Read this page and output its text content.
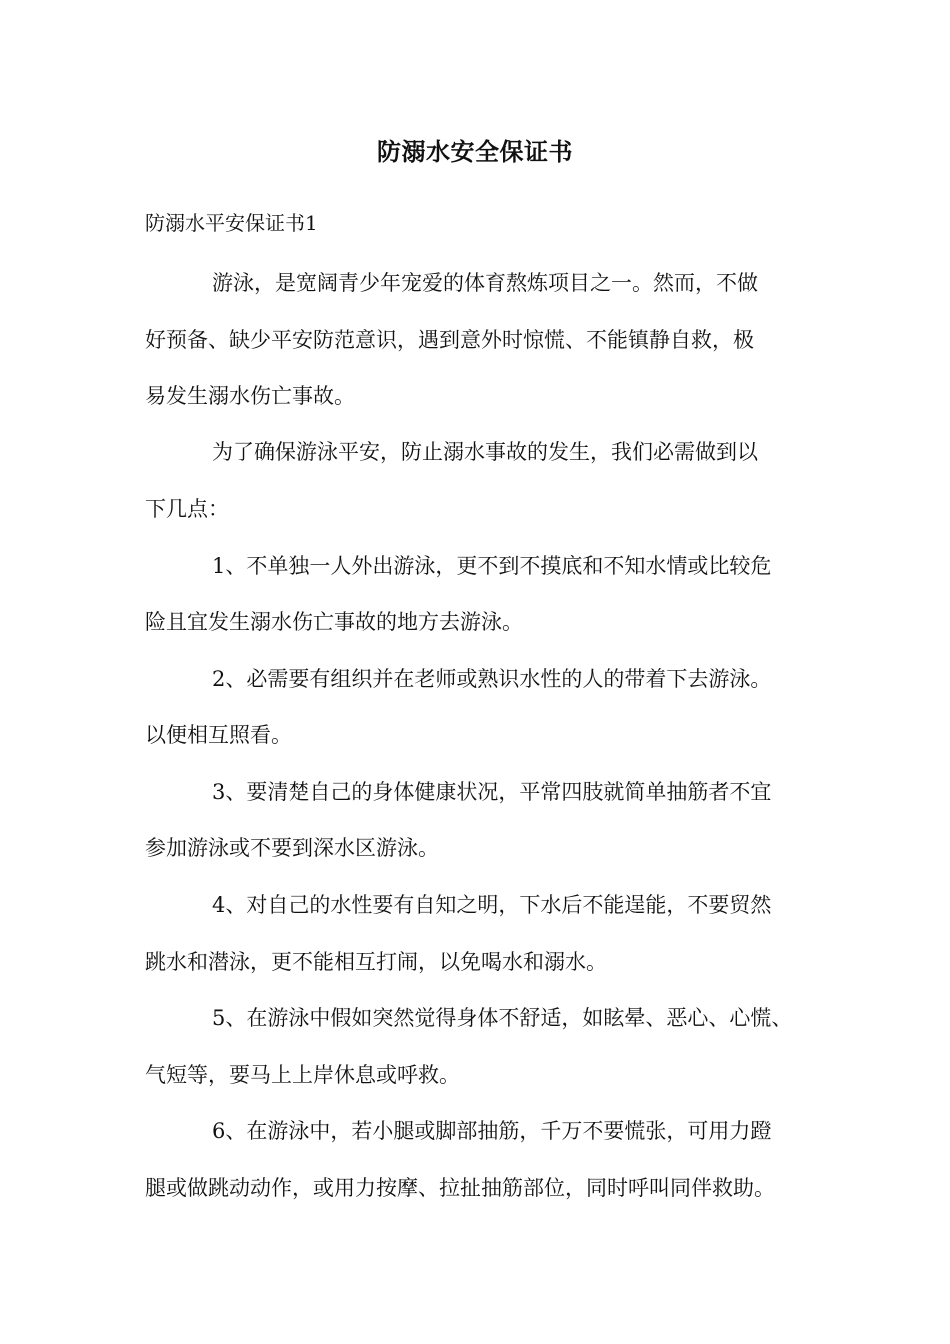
防溺水安全保证书

防溺水平安保证书1

游泳，是宽阔青少年宠爱的体育熬炼项目之一。然而，不做

好预备、缺少平安防范意识，遇到意外时惊慌、不能镇静自救，极

易发生溺水伤亡事故。

为了确保游泳平安，防止溺水事故的发生，我们必需做到以

下几点：

1、不单独一人外出游泳，更不到不摸底和不知水情或比较危

险且宜发生溺水伤亡事故的地方去游泳。

2、必需要有组织并在老师或熟识水性的人的带着下去游泳。

以便相互照看。

3、要清楚自己的身体健康状况，平常四肢就简单抽筋者不宜

参加游泳或不要到深水区游泳。

4、对自己的水性要有自知之明，下水后不能逞能，不要贸然

跳水和潜泳，更不能相互打闹，以免喝水和溺水。

5、在游泳中假如突然觉得身体不舒适，如眩晕、恶心、心慌、

气短等，要马上上岸休息或呼救。

6、在游泳中，若小腿或脚部抽筋，千万不要慌张，可用力蹬

腿或做跳动动作，或用力按摩、拉扯抽筋部位，同时呼叫同伴救助。
